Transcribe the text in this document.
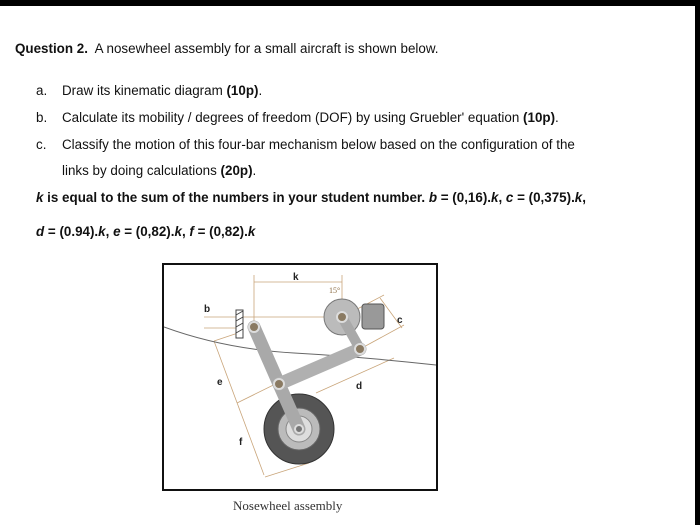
Question 2. A nosewheel assembly for a small aircraft is shown below.
a. Draw its kinematic diagram (10p).
b. Calculate its mobility / degrees of freedom (DOF) by using Gruebler' equation (10p).
c. Classify the motion of this four-bar mechanism below based on the configuration of the
links by doing calculations (20p).
k is equal to the sum of the numbers in your student number. b = (0,16).k, c = (0,375).k,
d = (0.94).k, e = (0,82).k, f = (0,82).k
k
15°
b
c
e	d
f
Nosewheel assembly
